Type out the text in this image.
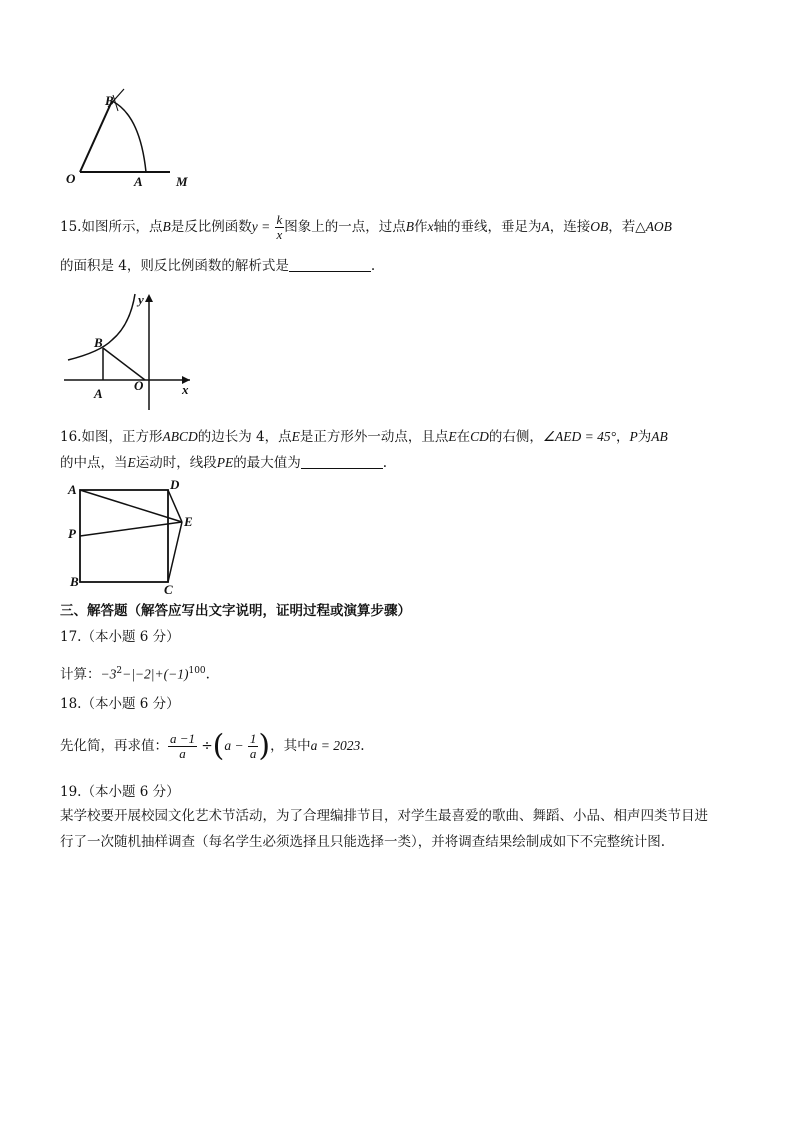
B
O	A	M
15.如图所示，点B是反比例函数$y = \frac{k}{x}$ 图象上的一点，过点B作x轴的垂线，垂足为A，连接OB，若△AOB
的面积是 4，则反比例函数的解析式是	.
y
B
A
O	x
16.如图，正方形ABCD的边长为 4，点E是正方形外一动点，且点E在CD的右侧，∠AED = 45°，P为AB
的中点，当E运动时，线段PE的最大值为	.
A	D
P
E
B
C
三、解答题（解答应写出文字说明，证明过程或演算步骤）
17.（本小题 6 分）
计算：$-3^2-|-2|+(-1)^{100}$.
18.（本小题 6 分）
先化简，再求值： $\frac{a -1}{a} \div(a - \frac{1}{a}$ )，其中a = 2023.
19.（本小题 6 分）
某学校要开展校园文化艺术节活动，为了合理编排节目，对学生最喜爱的歌曲、舞蹈、小品、相声四类节目进
行了一次随机抽样调查（每名学生必须选择且只能选择一类），并将调查结果绘制成如下不完整统计图.
